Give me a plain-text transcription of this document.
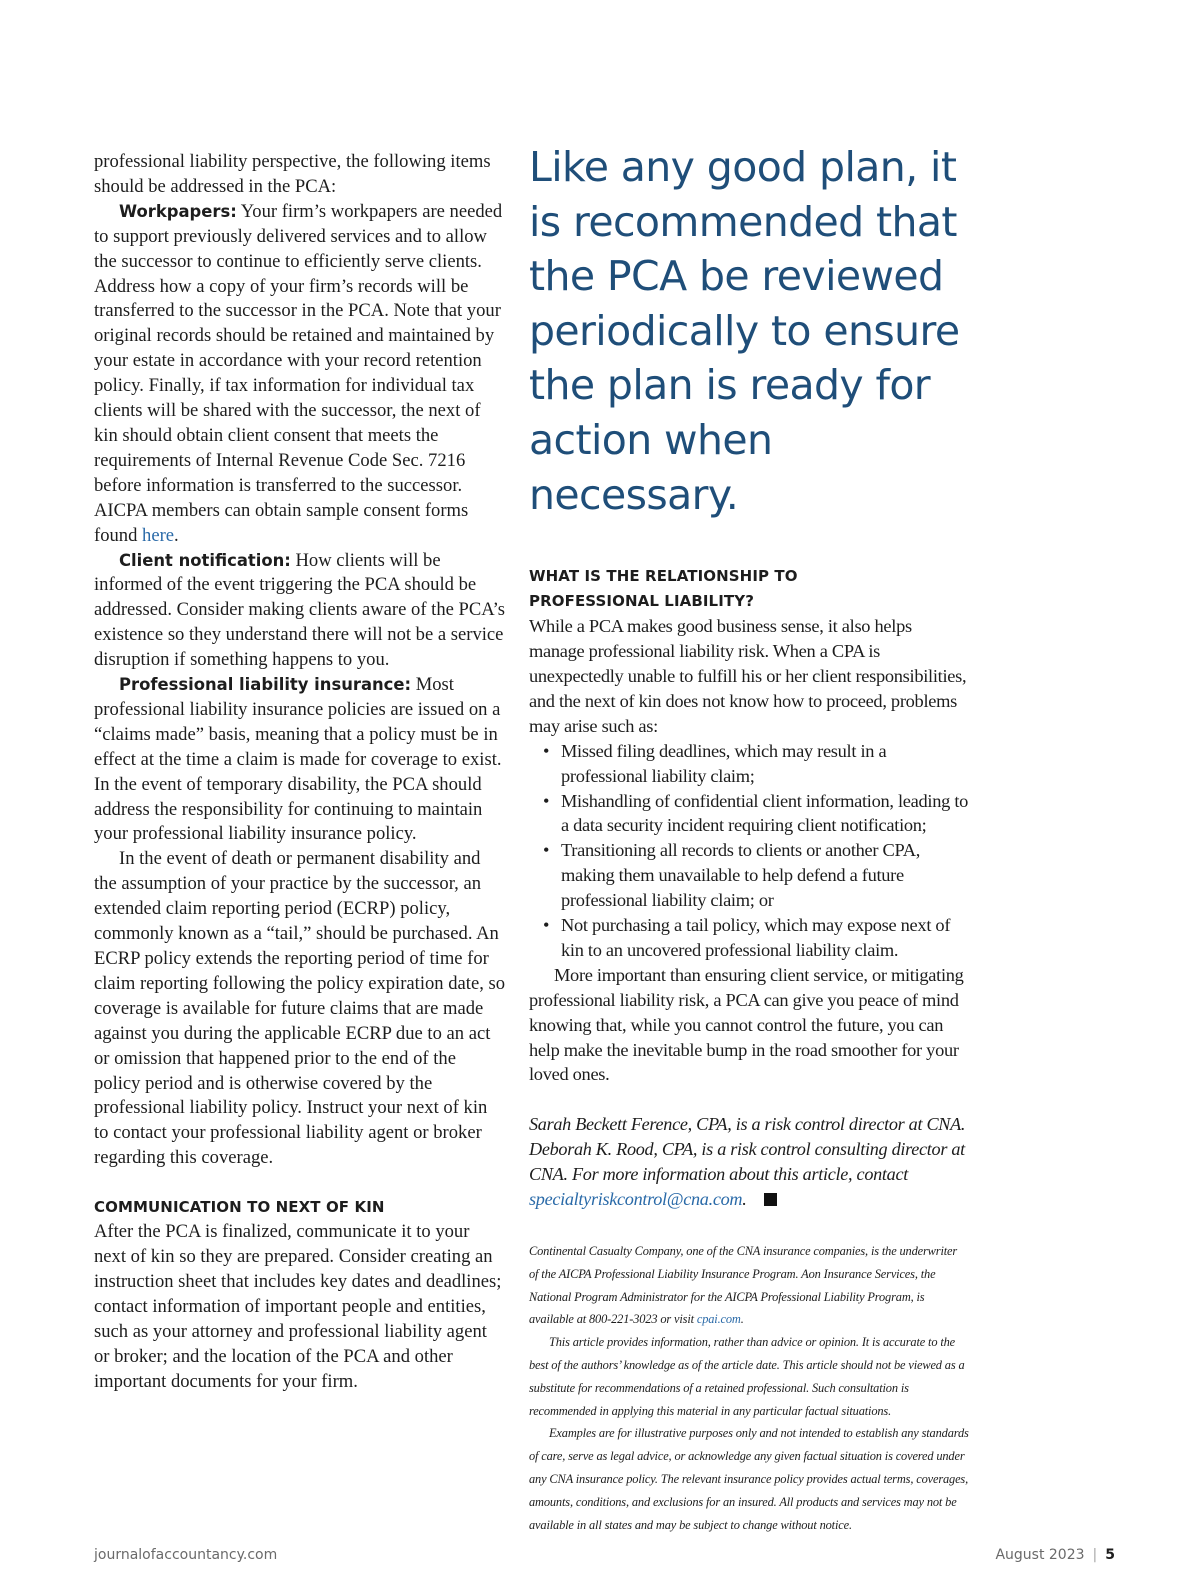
professional liability perspective, the following items should be addressed in the PCA:

Workpapers: Your firm’s workpapers are needed to support previously delivered services and to allow the successor to continue to efficiently serve clients. Address how a copy of your firm’s records will be transferred to the successor in the PCA. Note that your original records should be retained and maintained by your estate in accordance with your record retention policy. Finally, if tax information for individual tax clients will be shared with the successor, the next of kin should obtain client consent that meets the requirements of Internal Revenue Code Sec. 7216 before information is transferred to the successor. AICPA members can obtain sample consent forms found here.

Client notification: How clients will be informed of the event triggering the PCA should be addressed. Consider making clients aware of the PCA’s existence so they understand there will not be a service disruption if something happens to you.

Professional liability insurance: Most professional liability insurance policies are issued on a “claims made” basis, meaning that a policy must be in effect at the time a claim is made for coverage to exist. In the event of temporary disability, the PCA should address the responsibility for continuing to maintain your professional liability insurance policy.

In the event of death or permanent disability and the assumption of your practice by the successor, an extended claim reporting period (ECRP) policy, commonly known as a “tail,” should be purchased. An ECRP policy extends the reporting period of time for claim reporting following the policy expiration date, so coverage is available for future claims that are made against you during the applicable ECRP due to an act or omission that happened prior to the end of the policy period and is otherwise covered by the professional liability policy. Instruct your next of kin to contact your professional liability agent or broker regarding this coverage.

COMMUNICATION TO NEXT OF KIN

After the PCA is finalized, communicate it to your next of kin so they are prepared. Consider creating an instruction sheet that includes key dates and deadlines; contact information of important people and entities, such as your attorney and professional liability agent or broker; and the location of the PCA and other important documents for your firm.

Like any good plan, it is recommended that the PCA be reviewed periodically to ensure the plan is ready for action when necessary.

WHAT IS THE RELATIONSHIP TO
PROFESSIONAL LIABILITY?

While a PCA makes good business sense, it also helps manage professional liability risk. When a CPA is unexpectedly unable to fulfill his or her client responsibilities, and the next of kin does not know how to proceed, problems may arise such as:

• Missed filing deadlines, which may result in a professional liability claim;
• Mishandling of confidential client information, leading to a data security incident requiring client notification;
• Transitioning all records to clients or another CPA, making them unavailable to help defend a future professional liability claim; or
• Not purchasing a tail policy, which may expose next of kin to an uncovered professional liability claim.

More important than ensuring client service, or mitigating professional liability risk, a PCA can give you peace of mind knowing that, while you cannot control the future, you can help make the inevitable bump in the road smoother for your loved ones.

Sarah Beckett Ference, CPA, is a risk control director at CNA. Deborah K. Rood, CPA, is a risk control consulting director at CNA. For more information about this article, contact specialtyriskcontrol@cna.com.

Continental Casualty Company, one of the CNA insurance companies, is the underwriter of the AICPA Professional Liability Insurance Program. Aon Insurance Services, the National Program Administrator for the AICPA Professional Liability Program, is available at 800-221-3023 or visit cpai.com.

This article provides information, rather than advice or opinion. It is accurate to the best of the authors’ knowledge as of the article date. This article should not be viewed as a substitute for recommendations of a retained professional. Such consultation is recommended in applying this material in any particular factual situations.

Examples are for illustrative purposes only and not intended to establish any standards of care, serve as legal advice, or acknowledge any given factual situation is covered under any CNA insurance policy. The relevant insurance policy provides actual terms, coverages, amounts, conditions, and exclusions for an insured. All products and services may not be available in all states and may be subject to change without notice.

journalofaccountancy.com	August 2023 | 5
